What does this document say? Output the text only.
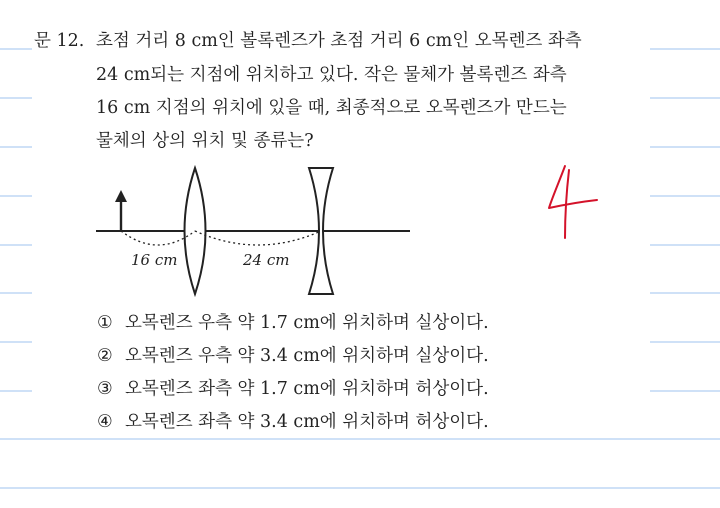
문 12. 초점 거리 8 cm인 볼록렌즈가 초점 거리 6 cm인 오목렌즈 좌측
24 cm되는 지점에 위치하고 있다. 작은 물체가 볼록렌즈 좌측
16 cm 지점의 위치에 있을 때, 최종적으로 오목렌즈가 만드는
물체의 상의 위치 및 종류는?
16 cm	24 cm
① 오목렌즈 우측 약 1.7 cm에 위치하며 실상이다.
② 오목렌즈 우측 약 3.4 cm에 위치하며 실상이다.
③ 오목렌즈 좌측 약 1.7 cm에 위치하며 허상이다.
④ 오목렌즈 좌측 약 3.4 cm에 위치하며 허상이다.
